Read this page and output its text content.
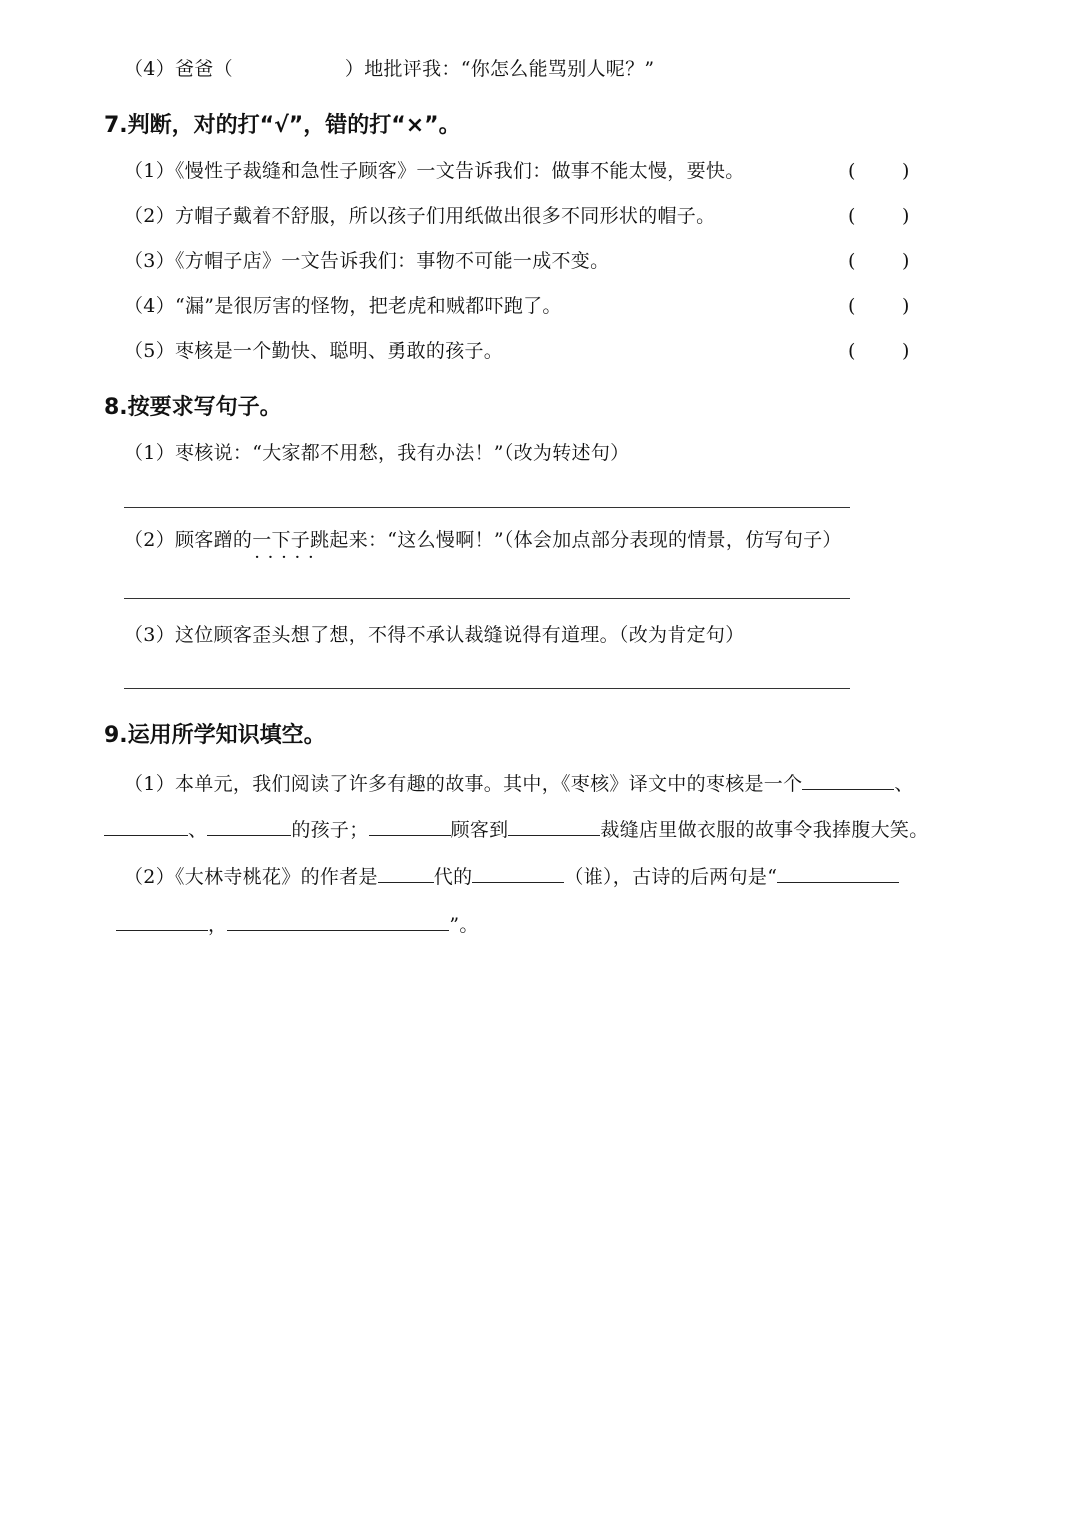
（4）爸爸（	）地批评我：“你怎么能骂别人呢？”
7.判断，对的打“√”，错的打“×”。
（1）《慢性子裁缝和急性子顾客》一文告诉我们：做事不能太慢，要快。	( )
（2）方帽子戴着不舒服，所以孩子们用纸做出很多不同形状的帽子。	( )
（3）《方帽子店》一文告诉我们：事物不可能一成不变。	( )
（4）“漏”是很厉害的怪物，把老虎和贼都吓跑了。	( )
（5）枣核是一个勤快、聪明、勇敢的孩子。	( )
8.按要求写句子。
（1）枣核说：“大家都不用愁，我有办法！”（改为转述句）
（2）顾客蹭的一下子跳 · · ·起来：“这么慢啊！”（体会加点部分表现的情景，仿写句子）
（3）这位顾客歪头想了想，不得不承认裁缝说得有道理。（改为肯定句）
9.运用所学知识填空。
（1）本单元，我们阅读了许多有趣的故事。其中，《枣核》译文中的枣核是一个	、
、	的孩子；	顾客到	裁缝店里做衣服的故事令我捧腹大笑。
（2）《大林寺桃花》的作者是	代的	（谁），古诗的后两句是“
，	”。
